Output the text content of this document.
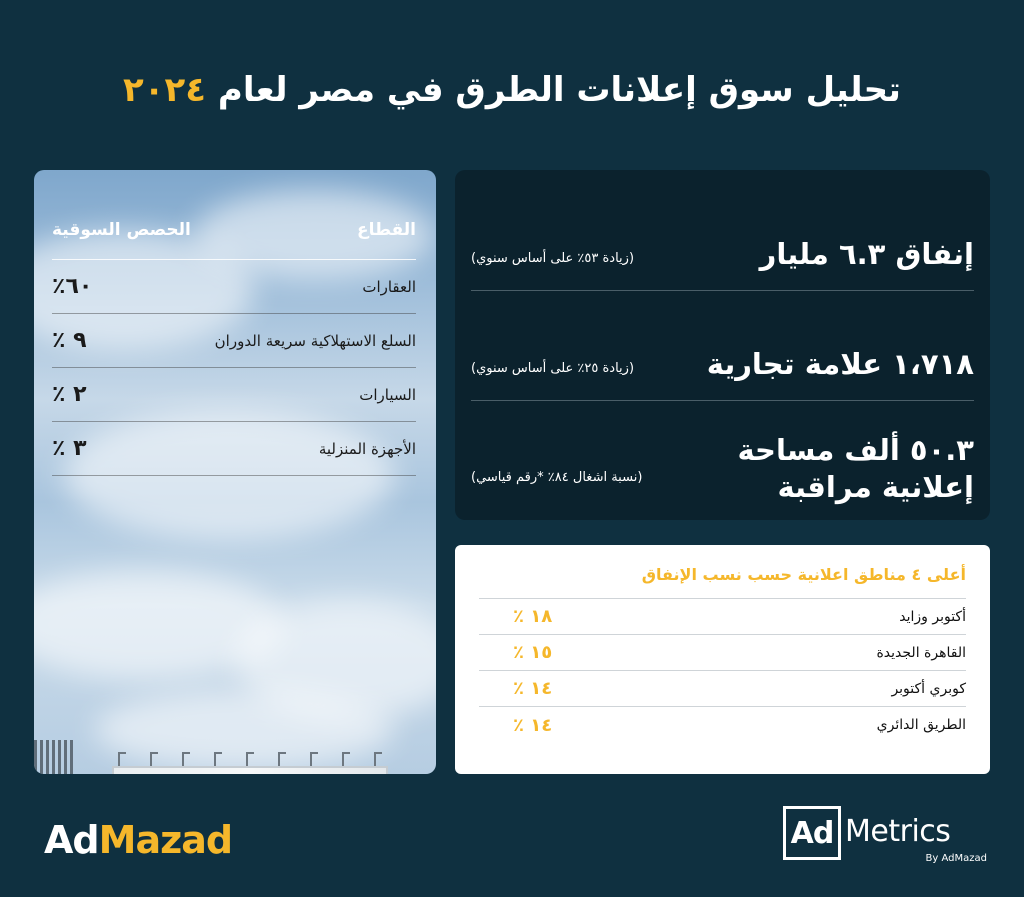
تحليل سوق إعلانات الطرق في مصر لعام ٢٠٢٤
القطاع
الحصص السوقية
العقارات
٦٠٪
السلع الاستهلاكية سريعة الدوران
٩ ٪
السيارات
٢ ٪
الأجهزة المنزلية
٣ ٪
إنفاق ٦.٣ مليار
(زيادة ٥٣٪ على أساس سنوي)
١،٧١٨ علامة تجارية
(زيادة ٢٥٪ على أساس سنوي)
٥٠.٣ ألف مساحة
إعلانية مراقبة
(نسبة اشغال ٨٤٪ *رقم قياسي)
أعلى ٤ مناطق اعلانية حسب نسب الإنفاق
أكتوبر وزايد
١٨ ٪
القاهرة الجديدة
١٥ ٪
كوبري أكتوبر
١٤ ٪
الطريق الدائري
١٤ ٪
AdMazad	Ad Metrics
By AdMazad
